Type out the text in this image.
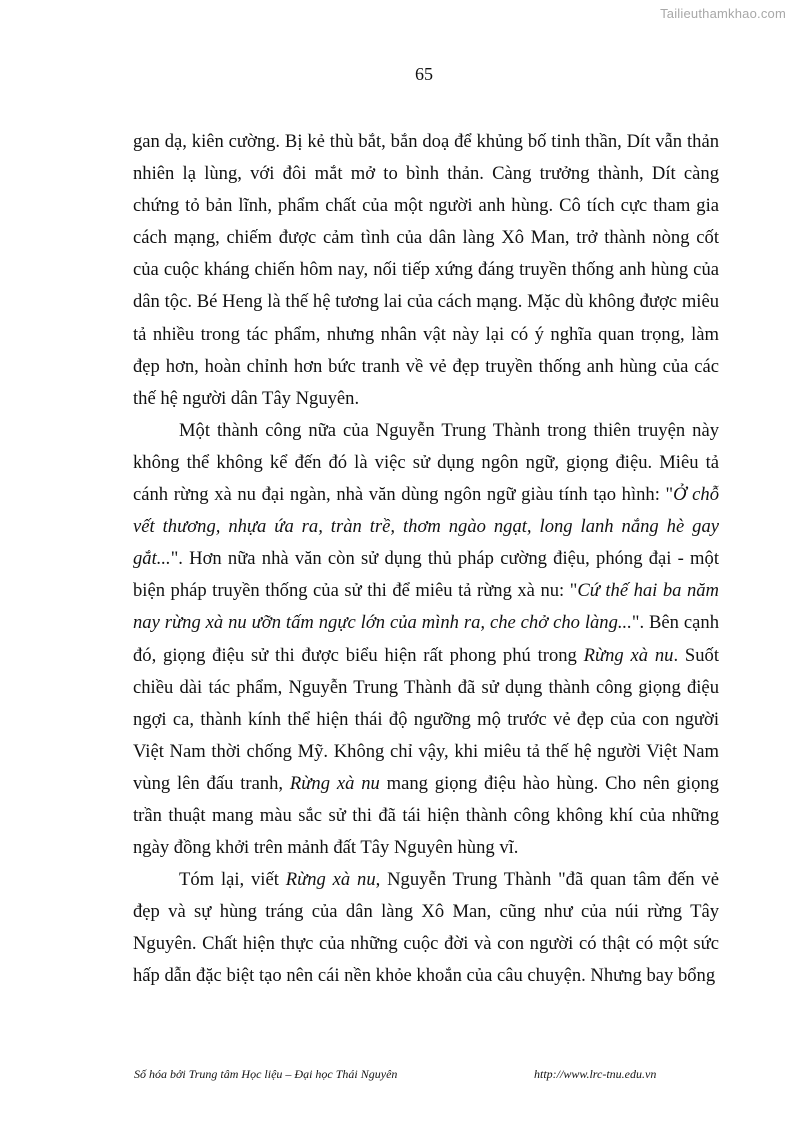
Tailieuthamkhao.com
65

gan dạ, kiên cường. Bị kẻ thù bắt, bắn doạ để khủng bố tinh thần, Dít vẫn thản nhiên lạ lùng, với đôi mắt mở to bình thản. Càng trưởng thành, Dít càng chứng tỏ bản lĩnh, phẩm chất của một người anh hùng. Cô tích cực tham gia cách mạng, chiếm được cảm tình của dân làng Xô Man, trở thành nòng cốt của cuộc kháng chiến hôm nay, nối tiếp xứng đáng truyền thống anh hùng của dân tộc. Bé Heng là thế hệ tương lai của cách mạng. Mặc dù không được miêu tả nhiều trong tác phẩm, nhưng nhân vật này lại có ý nghĩa quan trọng, làm đẹp hơn, hoàn chỉnh hơn bức tranh về vẻ đẹp truyền thống anh hùng của các thế hệ người dân Tây Nguyên.

Một thành công nữa của Nguyễn Trung Thành trong thiên truyện này không thể không kể đến đó là việc sử dụng ngôn ngữ, giọng điệu. Miêu tả cánh rừng xà nu đại ngàn, nhà văn dùng ngôn ngữ giàu tính tạo hình: "Ở chỗ vết thương, nhựa ứa ra, tràn trề, thơm ngào ngạt, long lanh nắng hè gay gắt...". Hơn nữa nhà văn còn sử dụng thủ pháp cường điệu, phóng đại - một biện pháp truyền thống của sử thi để miêu tả rừng xà nu: "Cứ thế hai ba năm nay rừng xà nu ưỡn tấm ngực lớn của mình ra, che chở cho làng...". Bên cạnh đó, giọng điệu sử thi được biểu hiện rất phong phú trong Rừng xà nu. Suốt chiều dài tác phẩm, Nguyễn Trung Thành đã sử dụng thành công giọng điệu ngợi ca, thành kính thể hiện thái độ ngưỡng mộ trước vẻ đẹp của con người Việt Nam thời chống Mỹ. Không chỉ vậy, khi miêu tả thế hệ người Việt Nam vùng lên đấu tranh, Rừng xà nu mang giọng điệu hào hùng. Cho nên giọng trần thuật mang màu sắc sử thi đã tái hiện thành công không khí của những ngày đồng khởi trên mảnh đất Tây Nguyên hùng vĩ.

Tóm lại, viết Rừng xà nu, Nguyễn Trung Thành "đã quan tâm đến vẻ đẹp và sự hùng tráng của dân làng Xô Man, cũng như của núi rừng Tây Nguyên. Chất hiện thực của những cuộc đời và con người có thật có một sức hấp dẫn đặc biệt tạo nên cái nền khỏe khoắn của câu chuyện. Nhưng bay bổng

Số hóa bởi Trung tâm Học liệu – Đại học Thái Nguyên	http://www.lrc-tnu.edu.vn
